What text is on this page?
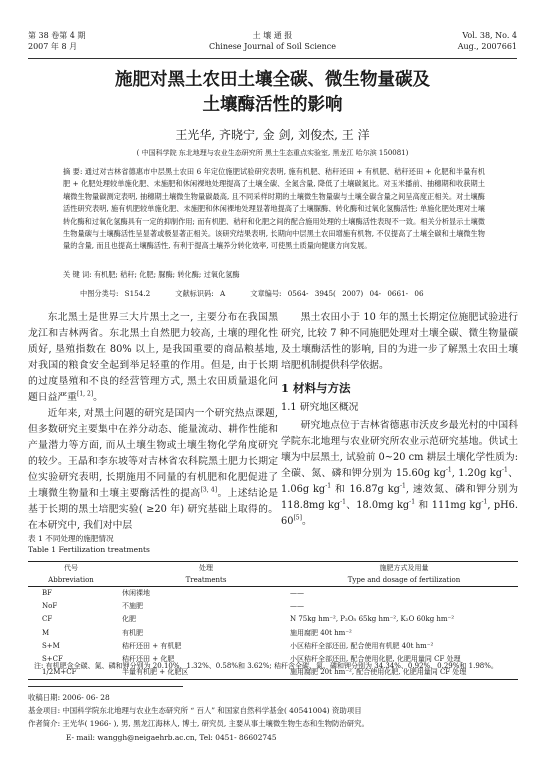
第 38 卷第 4 期
2007 年 8 月
土 壤 通 报
Chinese Journal of Soil Science
Vol. 38, No. 4
Aug., 2007661
施肥对黑土农田土壤全碳、微生物量碳及
土壤酶活性的影响
王光华, 齐晓宁, 金 剑, 刘俊杰, 王 洋
( 中国科学院 东北地理与农业生态研究所 黑土生态重点实验室, 黑龙江 哈尔滨 150081)
摘 要: 通过对吉林省德惠市中层黑土农田 6 年定位施肥试验研究表明, 施有机肥、秸秆还田 + 有机肥、秸秆还田 + 化肥和半量有机肥 + 化肥处理较单施化肥、未施肥和休闲裸地处理提高了土壤全碳、全氮含量, 降低了土壤碳氮比。对玉米播前、抽穗期和收获期土壤微生物量碳测定表明, 抽穗期土壤微生物量碳最高, 且不同采样时期的土壤微生物量碳与土壤全碳含量之间呈高度正相关。对土壤酶活性研究表明, 施有机肥较单施化肥、未施肥和休闲裸地处理显著地提高了土壤脲酶、转化酶和过氧化氢酶活性; 单施化肥处理对土壤转化酶和过氧化氢酶具有一定的抑制作用; 而有机肥、秸秆和化肥之间的配合施用处理的土壤酶活性表现不一致。相关分析显示土壤微生物量碳与土壤酶活性呈显著或极显著正相关。该研究结果表明, 长期向中层黑土农田增施有机物, 不仅提高了土壤全碳和土壤微生物量的含量, 而且也提高土壤酶活性, 有利于提高土壤养分转化效率, 可使黑土质量向健康方向发展。
关 键 词: 有机肥; 秸秆; 化肥; 脲酶; 转化酶; 过氧化氢酶
中图分类号: S154.2	文献标识码: A	文章编号: 0564- 3945( 2007) 04- 0661- 06

东北黑土是世界三大片黑土之一, 主要分布在我国黑龙江和吉林两省。东北黑土自然肥力较高, 土壤的理化性质好, 垦殖指数在 80% 以上, 是我国重要的商品粮基地, 对我国的粮食安全起到举足轻重的作用。但是, 由于长期的过度垦殖和不良的经营管理方式, 黑土农田质量退化问题日益严重[1, 2]。

近年来, 对黑土问题的研究是国内一个研究热点课题, 但多数研究主要集中在养分动态、能量流动、耕作性能和产量潜力等方面, 而从土壤生物或土壤生物化学角度研究的较少。王晶和李东坡等对吉林省农科院黑土肥力长期定位实验研究表明, 长期施用不同量的有机肥和化肥促进了土壤微生物量和土壤主要酶活性的提高[3, 4]。上述结论是基于长期的黑土培肥实验( ≥20 年) 研究基础上取得的。在本研究中, 我们对中层

黑土农田小于 10 年的黑土长期定位施肥试验进行研究, 比较 7 种不同施肥处理对土壤全碳、微生物量碳及土壤酶活性的影响, 目的为进一步了解黑土农田土壤培肥机制提供科学依据。

1 材料与方法
1.1 研究地区概况

研究地点位于吉林省德惠市沃皮乡最光村的中国科学院东北地理与农业研究所农业示范研究基地。供试土壤为中层黑土, 试验前 0~20 cm 耕层土壤化学性质为: 全碳、氮、磷和钾分别为 15.60g $kg^{-1}$, 1.20g $kg^{-1}$、1.06g $kg^{-1}$ 和 16.87g $kg^{-1}$, 速效氮、磷和钾分别为 118.8mg $kg^{-1}$、18.0mg $kg^{-1}$ 和 111mg $kg^{-1}$, pH6. 60[5]。

表 1 不同处理的施肥情况
Table 1 Fertilization treatments
代号	处理	施肥方式及用量
Abbreviation	Treatments	Type and dosage of fertilization
BF	休闲裸地	——
NoF	不施肥	——
CF	化肥	N 75kg hm⁻², P₂O₅ 65kg hm⁻², K₂O 60kg hm⁻²
M	有机肥	施用腐肥 40t hm⁻²
S+M	秸秆还田 + 有机肥	小区秸秆全部还田, 配合使用有机肥 40t hm⁻²
S+CF	秸秆还田 + 化肥	小区秸秆全部还田, 配合使用化肥, 化肥用量同 CF 处理
1/2M+CF	半量有机肥 + 化肥区	施用腐肥 20t hm⁻², 配合使用化肥, 化肥用量同 CF 处理
注: 有机肥含全碳、氮、磷和钾分别为 20.10%、1.32%、0.58%和 3.62%; 秸秆含全碳、氮、磷和钾分别为 34.34%、0.92%、0.29%和 1.98%。
收稿日期: 2006- 06- 28
基金项目: 中国科学院东北地理与农业生态研究所 “ 百人” 和国家自然科学基金( 40541004) 资助项目
作者简介: 王光华( 1966- ), 男, 黑龙江海林人, 博士, 研究员, 主要从事土壤微生物生态和生物防治研究。
E- mail: wanggh@neigaehrb.ac.cn, Tel: 0451- 86602745
